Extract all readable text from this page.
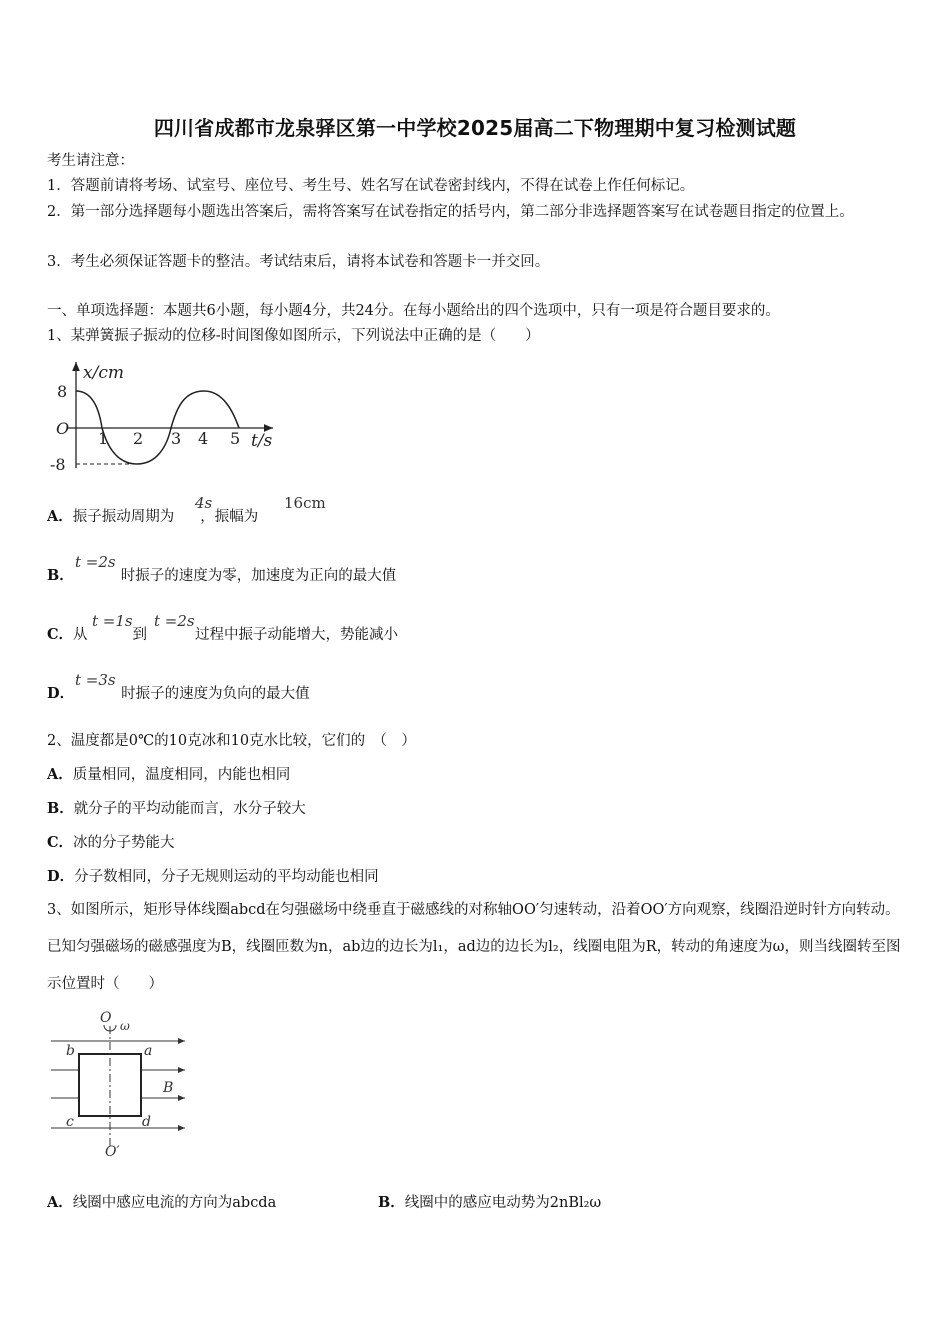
四川省成都市龙泉驿区第一中学校2025届高二下物理期中复习检测试题
考生请注意：
1．答题前请将考场、试室号、座位号、考生号、姓名写在试卷密封线内，不得在试卷上作任何标记。
2．第一部分选择题每小题选出答案后，需将答案写在试卷指定的括号内，第二部分非选择题答案写在试卷题目指定的位置上。
3．考生必须保证答题卡的整洁。考试结束后，请将本试卷和答题卡一并交回。
一、单项选择题：本题共6小题，每小题4分，共24分。在每小题给出的四个选项中，只有一项是符合题目要求的。
1、某弹簧振子振动的位移-时间图像如图所示，下列说法中正确的是（　　）
x/cm
8
O
-8
1 2 3 4 5 t/s
A．振子振动周期为 ，振幅为
4s	16cm
B．	时振子的速度为零，加速度为正向的最大值
t =2s
C．从	到	过程中振子动能增大，势能减小
t =1s t =2s
D．	时振子的速度为负向的最大值
t =3s
2、温度都是0℃的10克冰和10克水比较，它们的　（　）
A．质量相同，温度相同，内能也相同
B．就分子的平均动能而言，水分子较大
C．冰的分子势能大
D．分子数相同，分子无规则运动的平均动能也相同
3、如图所示，矩形导体线圈abcd在匀强磁场中绕垂直于磁感线的对称轴OO′匀速转动，沿着OO′方向观察，线圈沿逆时针方向转动。已知匀强磁场的磁感强度为B，线圈匝数为n，ab边的边长为l₁，ad边的边长为l₂，线圈电阻为R，转动的角速度为ω，则当线圈转至图示位置时（　　）
O ω
b	a
B
c	d
O′
A．线圈中感应电流的方向为abcda	B．线圈中的感应电动势为2nBl₂ω
